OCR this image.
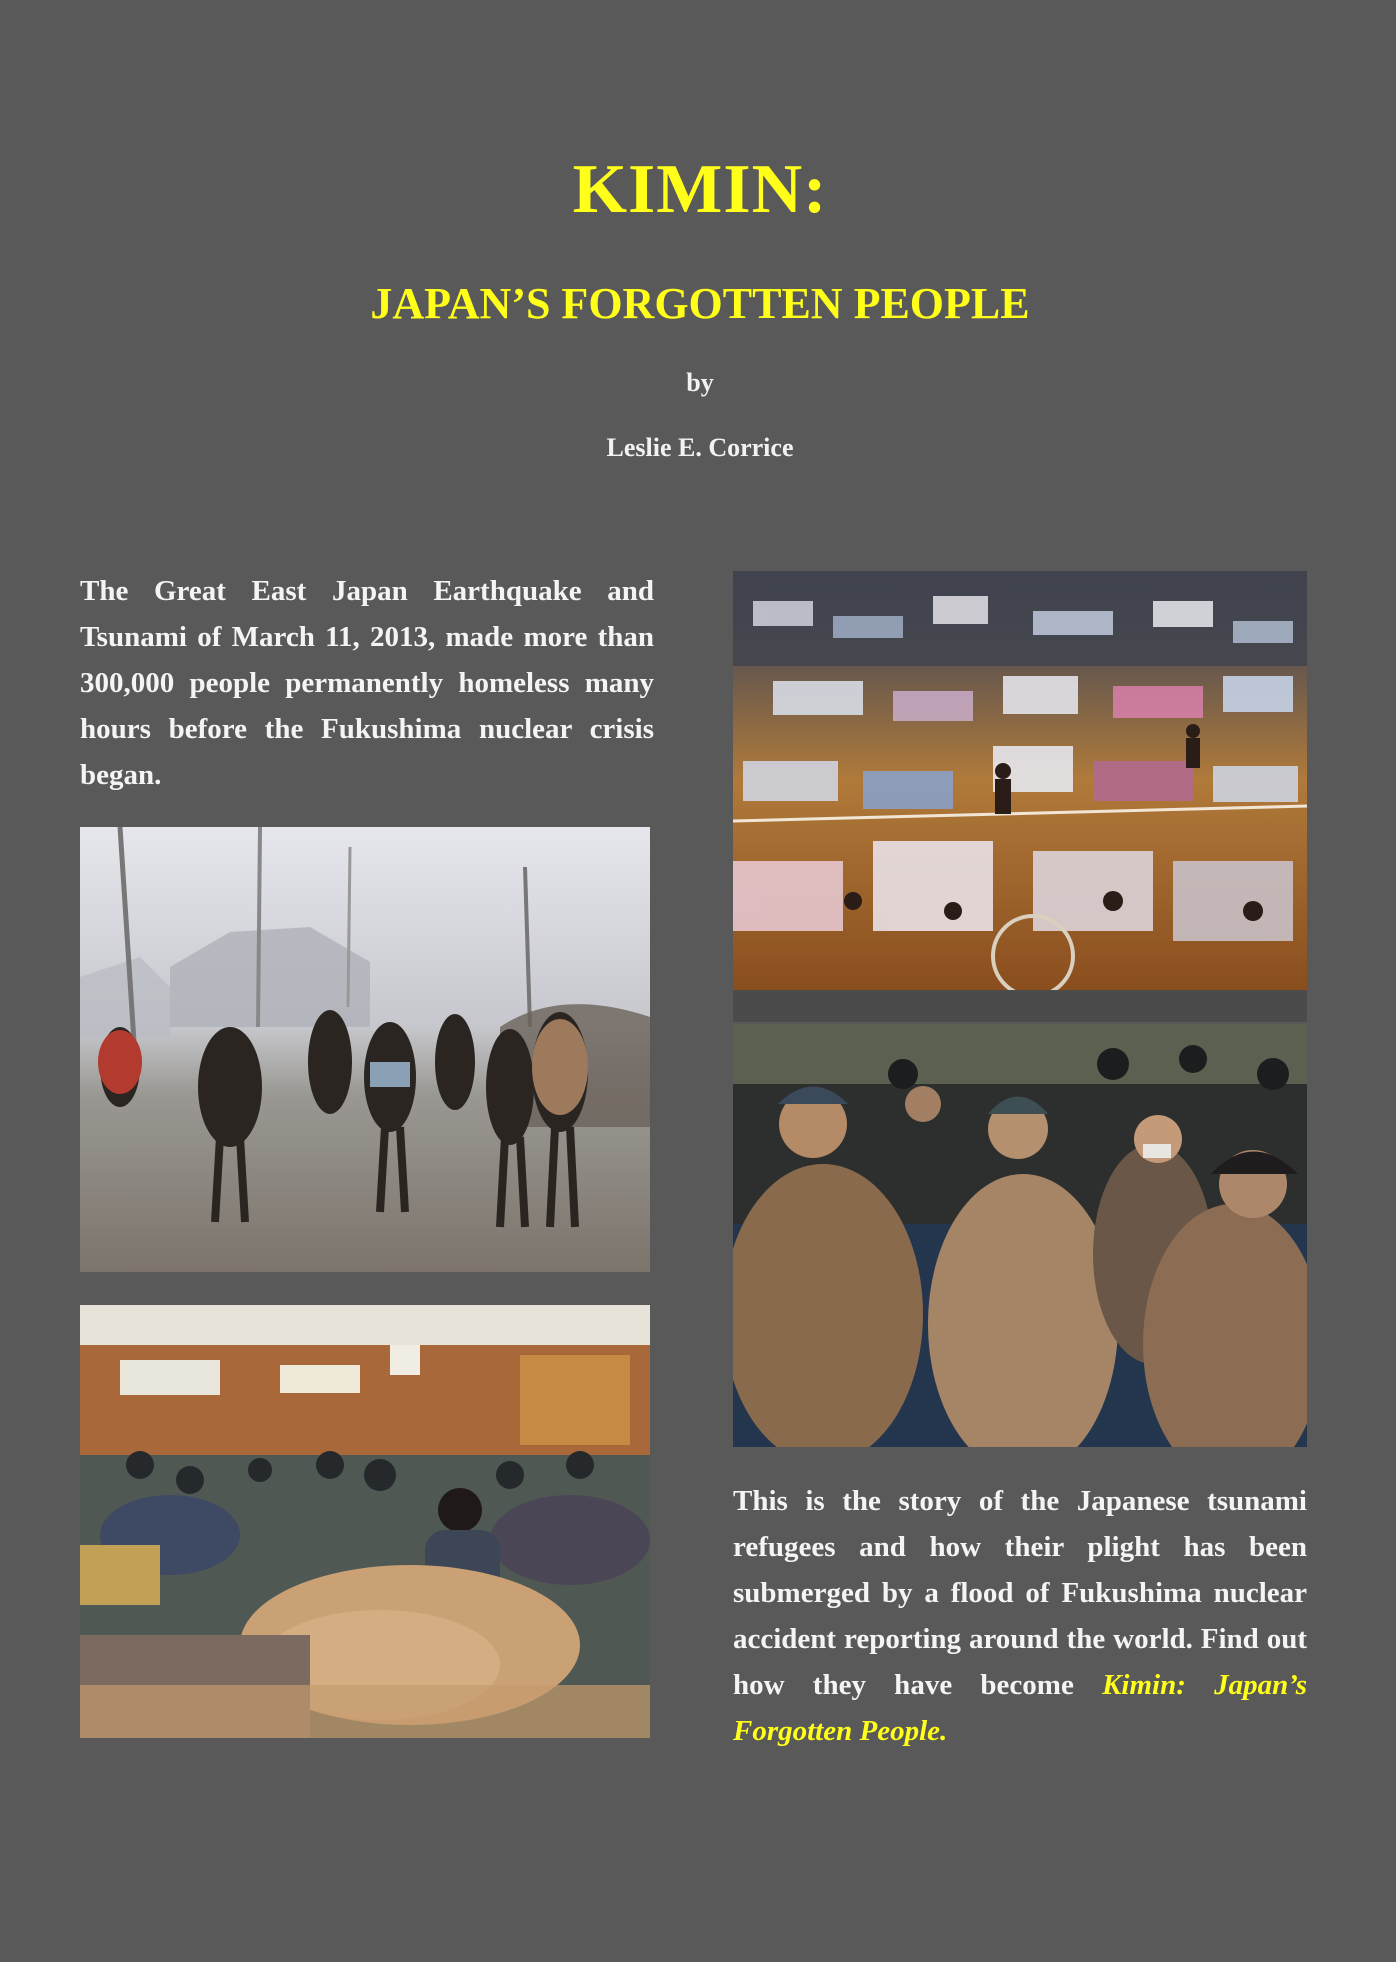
KIMIN:
JAPAN’S FORGOTTEN PEOPLE
by
Leslie E. Corrice
The Great East Japan Earthquake and Tsunami of March 11, 2013, made more than 300,000 people permanently homeless many hours before the Fukushima nuclear crisis began.
This is the story of the Japanese tsunami refugees and how their plight has been submerged by a flood of Fukushima nuclear accident reporting around the world. Find out how they have become Kimin: Japan’s Forgotten People.
